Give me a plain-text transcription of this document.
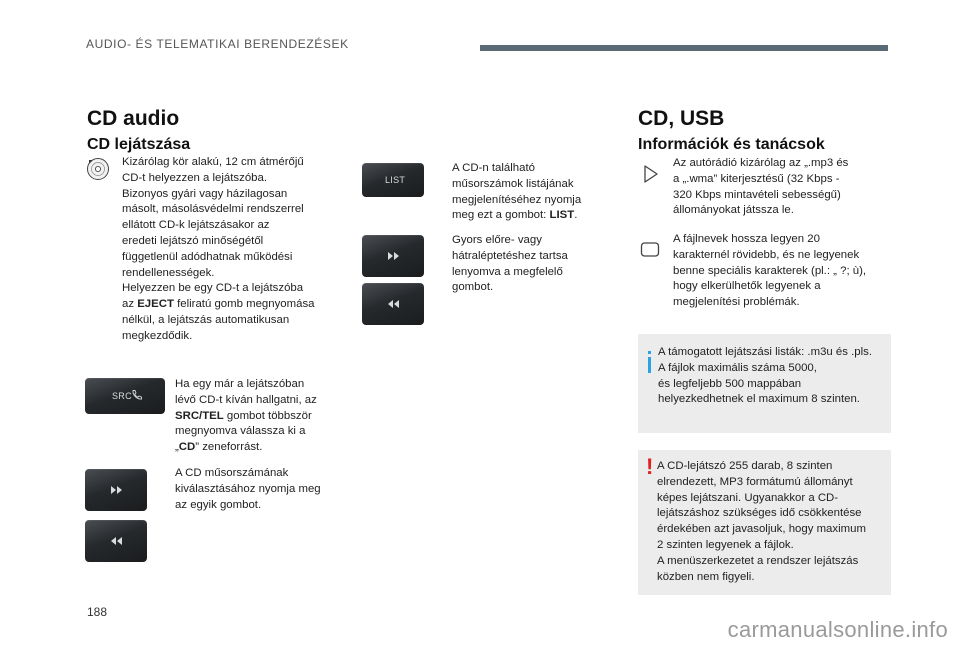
AUDIO- ÉS TELEMATIKAI BERENDEZÉSEK
CD audio
CD lejátszása
Kizárólag kör alakú, 12 cm átmérőjű
CD-t helyezzen a lejátszóba.
Bizonyos gyári vagy házilagosan
másolt, másolásvédelmi rendszerrel
ellátott CD-k lejátszásakor az
eredeti lejátszó minőségétől
függetlenül adódhatnak működési
rendellenességek.
Helyezzen be egy CD-t a lejátszóba
az EJECT feliratú gomb megnyomása
nélkül, a lejátszás automatikusan
megkezdődik.
SRC
Ha egy már a lejátszóban
lévő CD-t kíván hallgatni, az
SRC/TEL gombot többször
megnyomva válassza ki a
„CD” zeneforrást.
A CD műsorszámának
kiválasztásához nyomja meg
az egyik gombot.
LIST
A CD-n található
műsorszámok listájának
megjelenítéséhez nyomja
meg ezt a gombot: LIST.
Gyors előre- vagy
hátraléptetéshez tartsa
lenyomva a megfelelő
gombot.
CD, USB
Információk és tanácsok
Az autórádió kizárólag az „.mp3 és
a „.wma” kiterjesztésű (32 Kbps -
320 Kbps mintavételi sebességű)
állományokat játssza le.
A fájlnevek hossza legyen 20
karakternél rövidebb, és ne legyenek
benne speciális karakterek (pl.: „ ?; ù),
hogy elkerülhetők legyenek a
megjelenítési problémák.
A támogatott lejátszási listák: .m3u és .pls.
A fájlok maximális száma 5000,
és legfeljebb 500 mappában
helyezkedhetnek el maximum 8 szinten.
! A CD-lejátszó 255 darab, 8 szinten
elrendezett, MP3 formátumú állományt
képes lejátszani. Ugyanakkor a CD-
lejátszáshoz szükséges idő csökkentése
érdekében azt javasoljuk, hogy maximum
2 szinten legyenek a fájlok.
A menüszerkezetet a rendszer lejátszás
közben nem figyeli.
188
carmanualsonline.info
